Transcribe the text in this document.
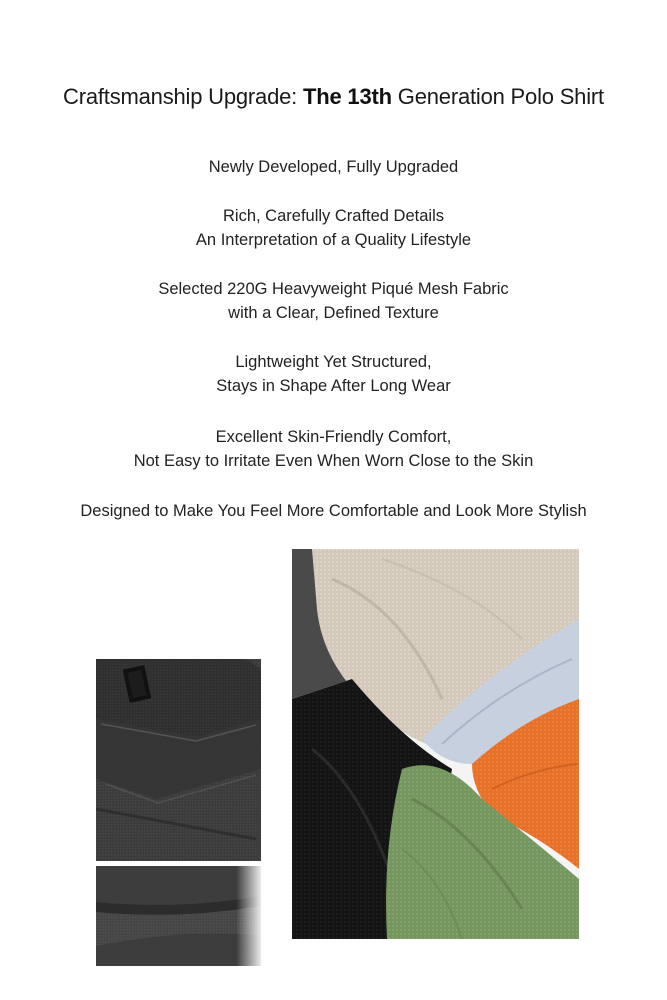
Craftsmanship Upgrade: The 13th Generation Polo Shirt
Newly Developed, Fully Upgraded
Rich, Carefully Crafted Details
An Interpretation of a Quality Lifestyle
Selected 220G Heavyweight Piqué Mesh Fabric
with a Clear, Defined Texture
Lightweight Yet Structured,
Stays in Shape After Long Wear
Excellent Skin-Friendly Comfort,
Not Easy to Irritate Even When Worn Close to the Skin
Designed to Make You Feel More Comfortable and Look More Stylish
